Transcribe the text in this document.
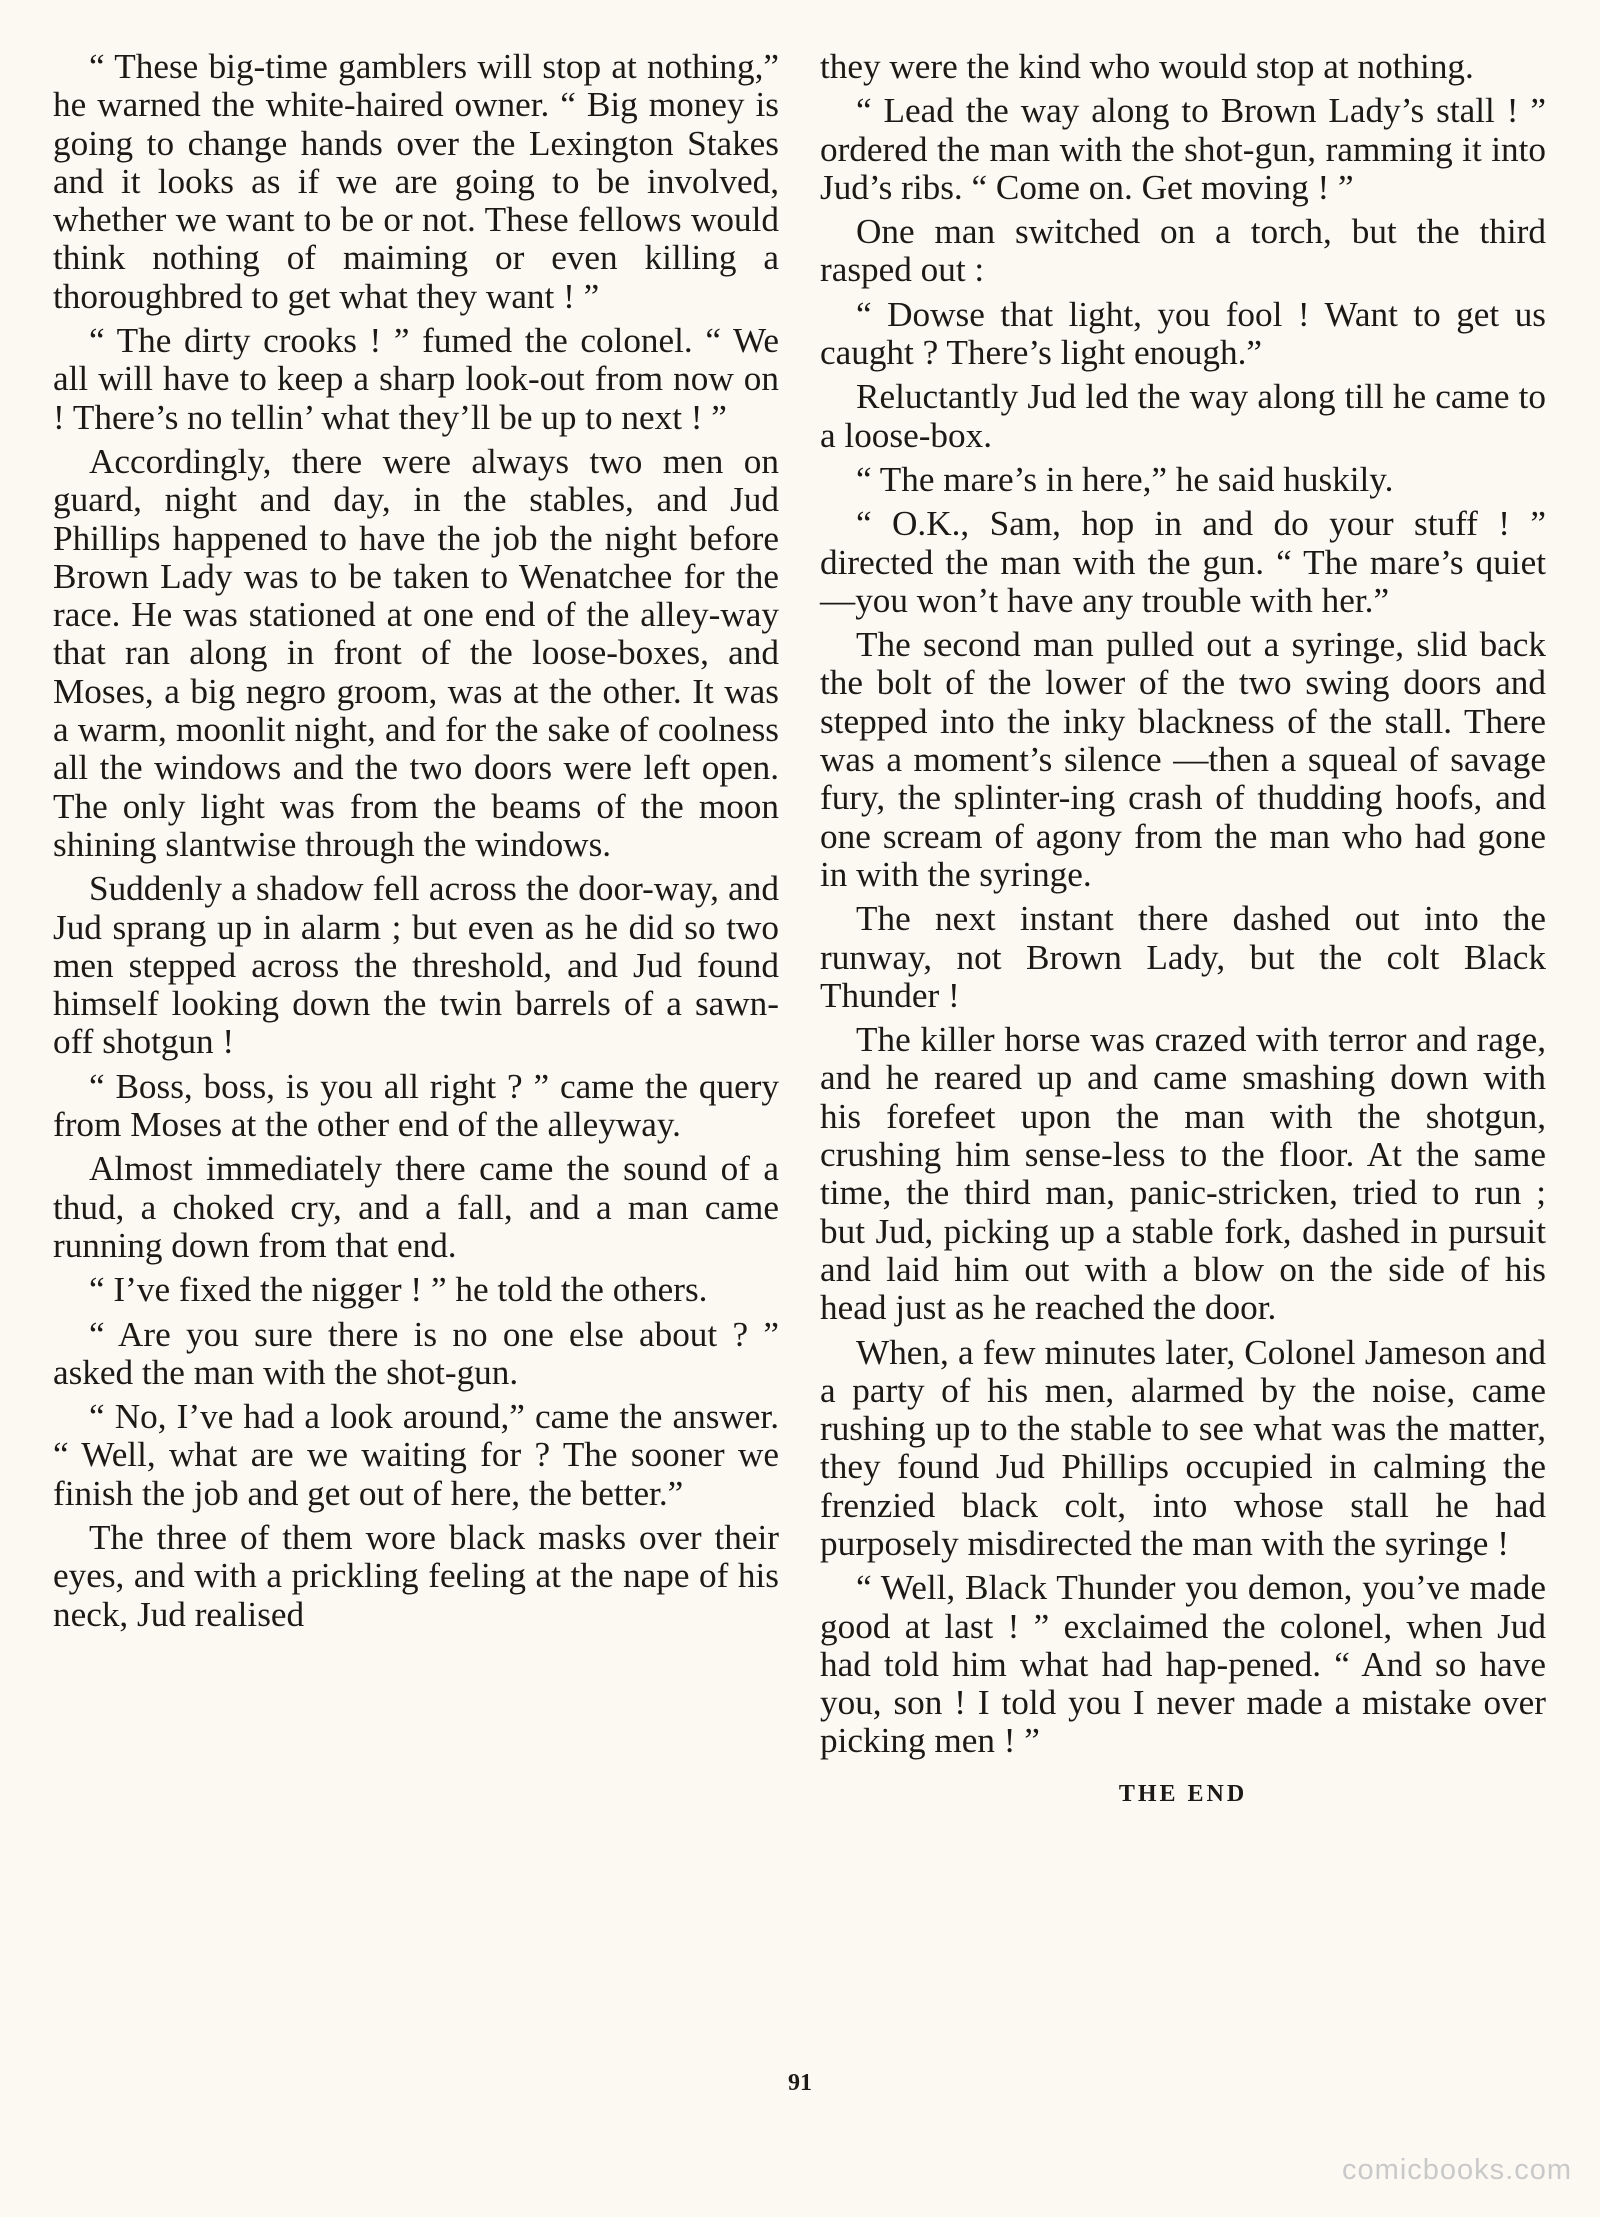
“ These big-time gamblers will stop at nothing,” he warned the white-haired owner. “ Big money is going to change hands over the Lexington Stakes and it looks as if we are going to be involved, whether we want to be or not. These fellows would think nothing of maiming or even killing a thoroughbred to get what they want ! ”

“ The dirty crooks ! ” fumed the colonel. “ We all will have to keep a sharp look-out from now on ! There’s no tellin’ what they’ll be up to next ! ”

Accordingly, there were always two men on guard, night and day, in the stables, and Jud Phillips happened to have the job the night before Brown Lady was to be taken to Wenatchee for the race. He was stationed at one end of the alley-way that ran along in front of the loose-boxes, and Moses, a big negro groom, was at the other. It was a warm, moonlit night, and for the sake of coolness all the windows and the two doors were left open. The only light was from the beams of the moon shining slantwise through the windows.

Suddenly a shadow fell across the door-way, and Jud sprang up in alarm ; but even as he did so two men stepped across the threshold, and Jud found himself looking down the twin barrels of a sawn-off shotgun !

“ Boss, boss, is you all right ? ” came the query from Moses at the other end of the alleyway.

Almost immediately there came the sound of a thud, a choked cry, and a fall, and a man came running down from that end.

“ I’ve fixed the nigger ! ” he told the others.

“ Are you sure there is no one else about ? ” asked the man with the shot-gun.

“ No, I’ve had a look around,” came the answer. “ Well, what are we waiting for ? The sooner we finish the job and get out of here, the better.”

The three of them wore black masks over their eyes, and with a prickling feeling at the nape of his neck, Jud realised

they were the kind who would stop at nothing.

“ Lead the way along to Brown Lady’s stall ! ” ordered the man with the shot-gun, ramming it into Jud’s ribs. “ Come on. Get moving ! ”

One man switched on a torch, but the third rasped out :

“ Dowse that light, you fool ! Want to get us caught ? There’s light enough.”

Reluctantly Jud led the way along till he came to a loose-box.

“ The mare’s in here,” he said huskily.

“ O.K., Sam, hop in and do your stuff ! ” directed the man with the gun. “ The mare’s quiet—you won’t have any trouble with her.”

The second man pulled out a syringe, slid back the bolt of the lower of the two swing doors and stepped into the inky blackness of the stall. There was a moment’s silence —then a squeal of savage fury, the splinter-ing crash of thudding hoofs, and one scream of agony from the man who had gone in with the syringe.

The next instant there dashed out into the runway, not Brown Lady, but the colt Black Thunder !

The killer horse was crazed with terror and rage, and he reared up and came smashing down with his forefeet upon the man with the shotgun, crushing him sense-less to the floor. At the same time, the third man, panic-stricken, tried to run ; but Jud, picking up a stable fork, dashed in pursuit and laid him out with a blow on the side of his head just as he reached the door.

When, a few minutes later, Colonel Jameson and a party of his men, alarmed by the noise, came rushing up to the stable to see what was the matter, they found Jud Phillips occupied in calming the frenzied black colt, into whose stall he had purposely misdirected the man with the syringe !

“ Well, Black Thunder you demon, you’ve made good at last ! ” exclaimed the colonel, when Jud had told him what had hap-pened. “ And so have you, son ! I told you I never made a mistake over picking men ! ”

THE END
91
comicbooks.com
